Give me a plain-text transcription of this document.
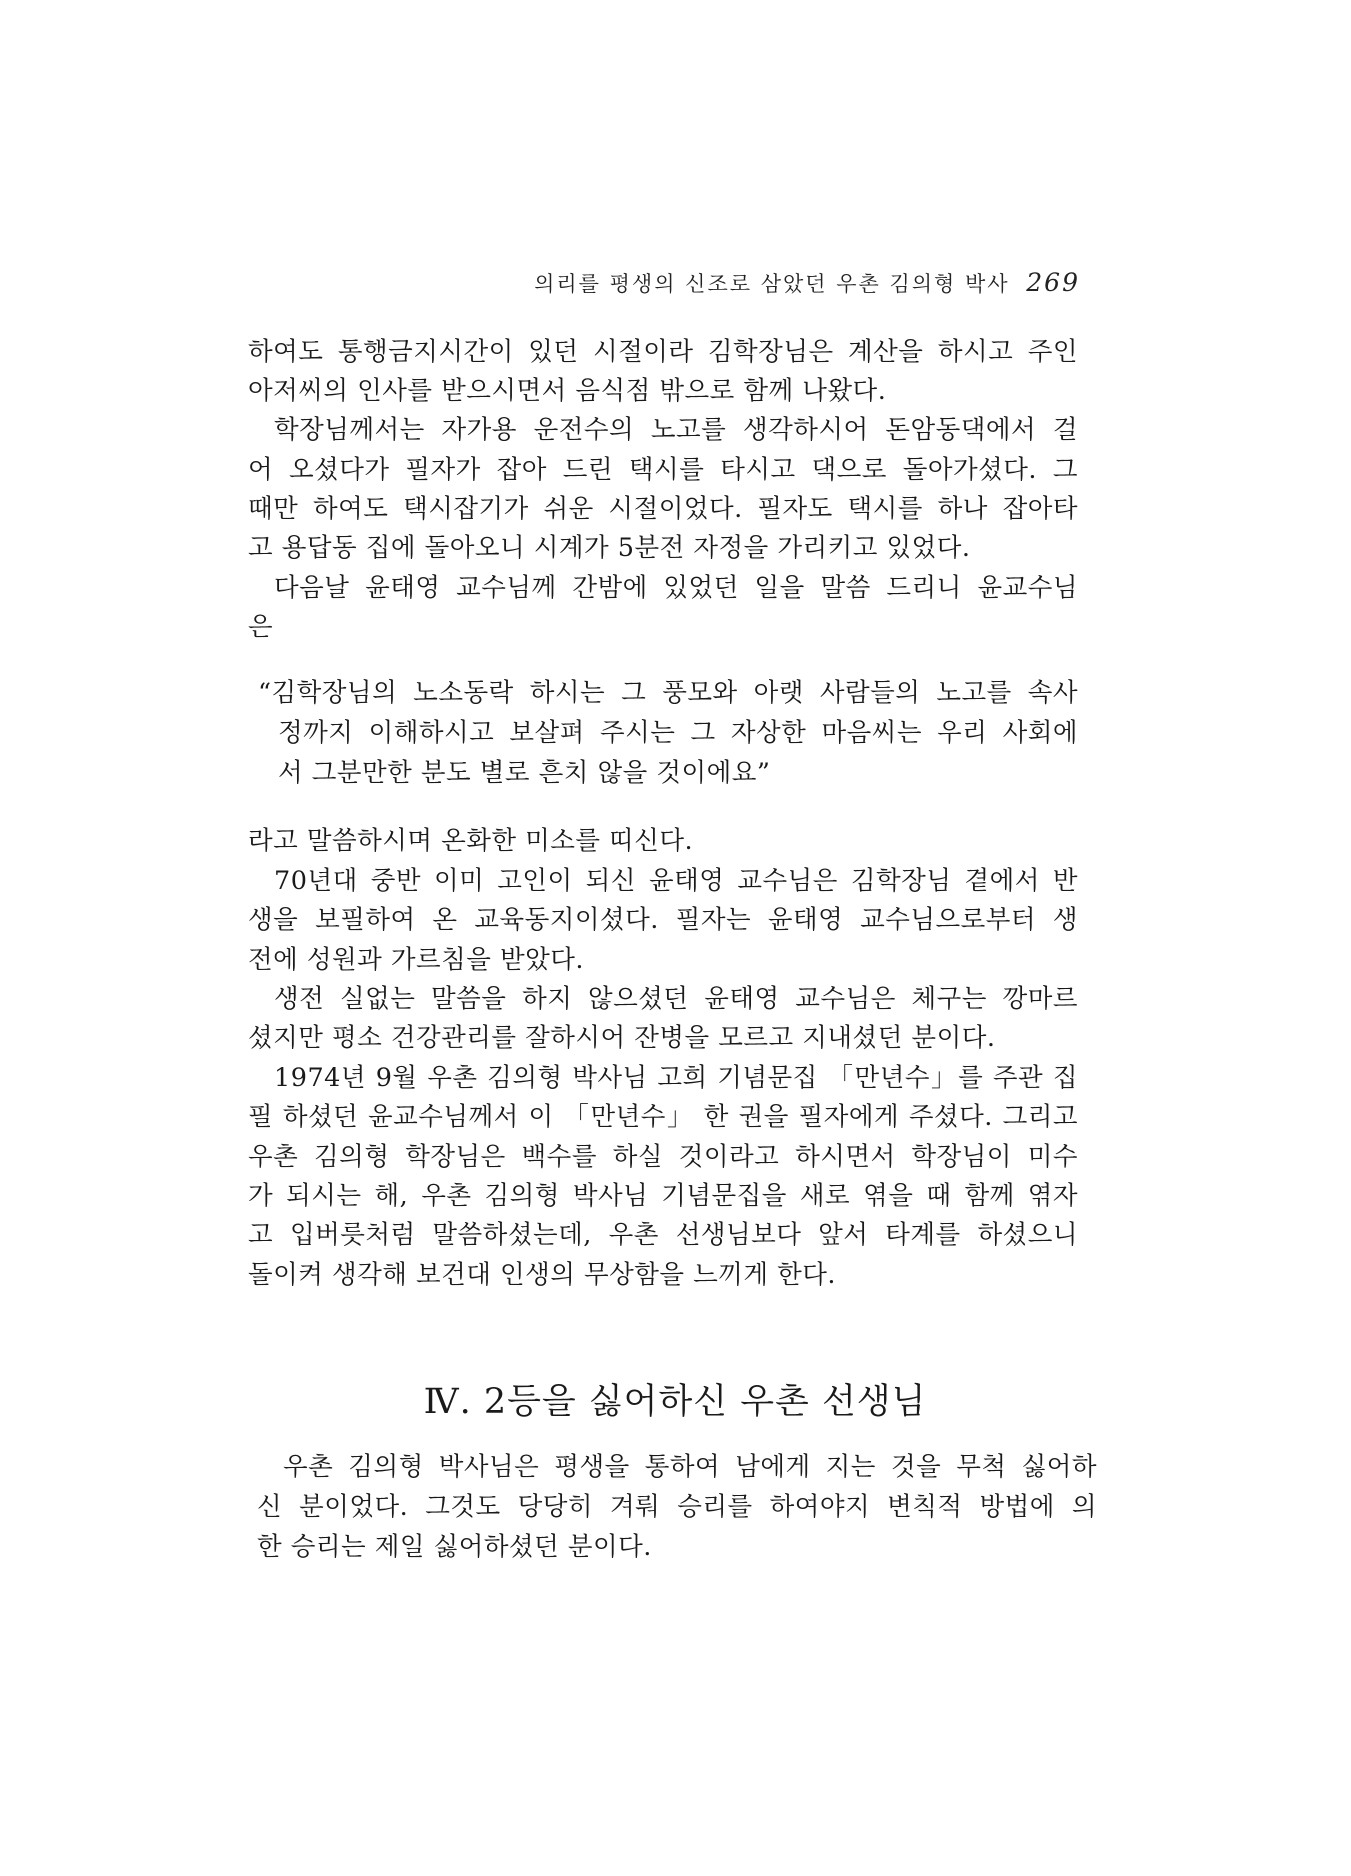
의리를 평생의 신조로 삼았던 우촌 김의형 박사 269
하여도 통행금지시간이 있던 시절이라 김학장님은 계산을 하시고 주인
아저씨의 인사를 받으시면서 음식점 밖으로 함께 나왔다.
학장님께서는 자가용 운전수의 노고를 생각하시어 돈암동댁에서 걸
어 오셨다가 필자가 잡아 드린 택시를 타시고 댁으로 돌아가셨다. 그
때만 하여도 택시잡기가 쉬운 시절이었다. 필자도 택시를 하나 잡아타
고 용답동 집에 돌아오니 시계가 5분전 자정을 가리키고 있었다.
다음날 윤태영 교수님께 간밤에 있었던 일을 말씀 드리니 윤교수님
은
“김학장님의 노소동락 하시는 그 풍모와 아랫 사람들의 노고를 속사
정까지 이해하시고 보살펴 주시는 그 자상한 마음씨는 우리 사회에
서 그분만한 분도 별로 흔치 않을 것이에요”
라고 말씀하시며 온화한 미소를 띠신다.
70년대 중반 이미 고인이 되신 윤태영 교수님은 김학장님 곁에서 반
생을 보필하여 온 교육동지이셨다. 필자는 윤태영 교수님으로부터 생
전에 성원과 가르침을 받았다.
생전 실없는 말씀을 하지 않으셨던 윤태영 교수님은 체구는 깡마르
셨지만 평소 건강관리를 잘하시어 잔병을 모르고 지내셨던 분이다.
1974년 9월 우촌 김의형 박사님 고희 기념문집 「만년수」를 주관 집
필 하셨던 윤교수님께서 이 「만년수」 한 권을 필자에게 주셨다. 그리고
우촌 김의형 학장님은 백수를 하실 것이라고 하시면서 학장님이 미수
가 되시는 해, 우촌 김의형 박사님 기념문집을 새로 엮을 때 함께 엮자
고 입버릇처럼 말씀하셨는데, 우촌 선생님보다 앞서 타계를 하셨으니
돌이켜 생각해 보건대 인생의 무상함을 느끼게 한다.
Ⅳ. 2등을 싫어하신 우촌 선생님
우촌 김의형 박사님은 평생을 통하여 남에게 지는 것을 무척 싫어하
신 분이었다. 그것도 당당히 겨뤄 승리를 하여야지 변칙적 방법에 의
한 승리는 제일 싫어하셨던 분이다.
